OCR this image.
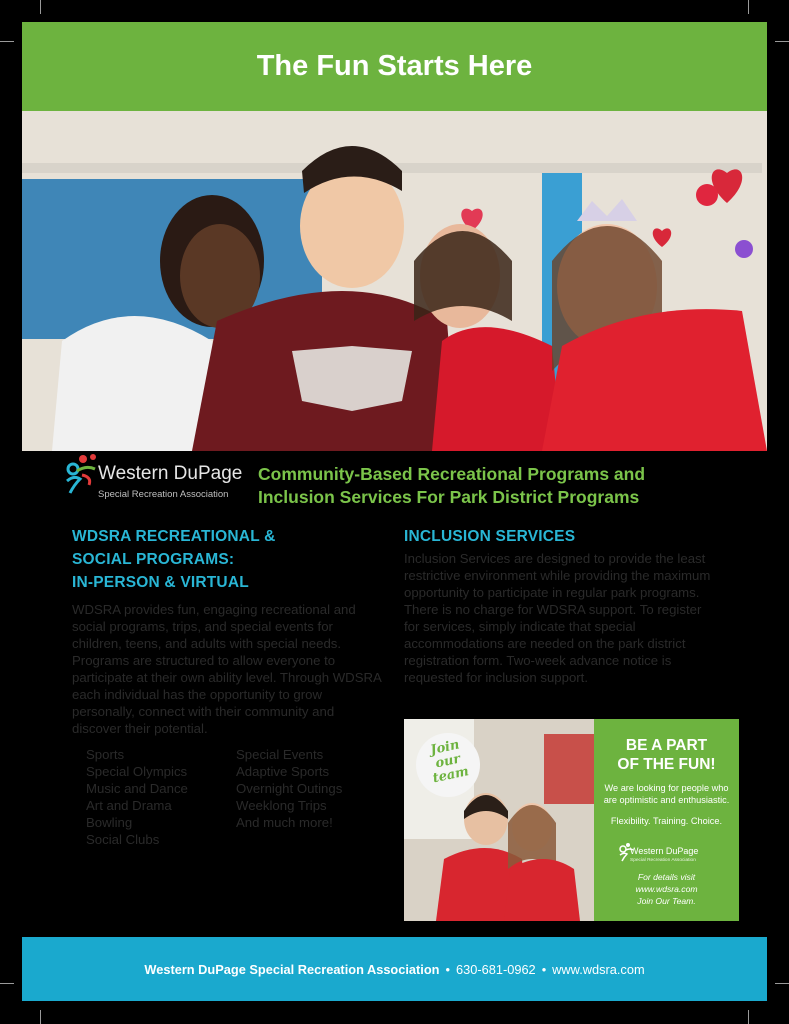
The Fun Starts Here
Western DuPage
Special Recreation Association
Community-Based Recreational Programs and
Inclusion Services For Park District Programs
WDSRA RECREATIONAL &
SOCIAL PROGRAMS:
IN-PERSON & VIRTUAL
WDSRA provides fun, engaging recreational and social programs, trips, and special events for children, teens, and adults with special needs. Programs are structured to allow everyone to participate at their own ability level. Through WDSRA each individual has the opportunity to grow personally, connect with their community and discover their potential.
Sports
Special Olympics
Music and Dance
Art and Drama
Bowling
Social Clubs
Special Events
Adaptive Sports
Overnight Outings
Weeklong Trips
And much more!
INCLUSION SERVICES
Inclusion Services are designed to provide the least restrictive environment while providing the maximum opportunity to participate in regular park programs. There is no charge for WDSRA support. To register for services, simply indicate that special accommodations are needed on the park district registration form. Two-week advance notice is requested for inclusion support.
Join our team
BE A PART
OF THE FUN!
We are looking for people who are optimistic and enthusiastic.
Flexibility. Training. Choice.
Western DuPage
Special Recreation Association
For details visit
www.wdsra.com
Join Our Team.
Western DuPage Special Recreation Association • 630-681-0962 • www.wdsra.com
